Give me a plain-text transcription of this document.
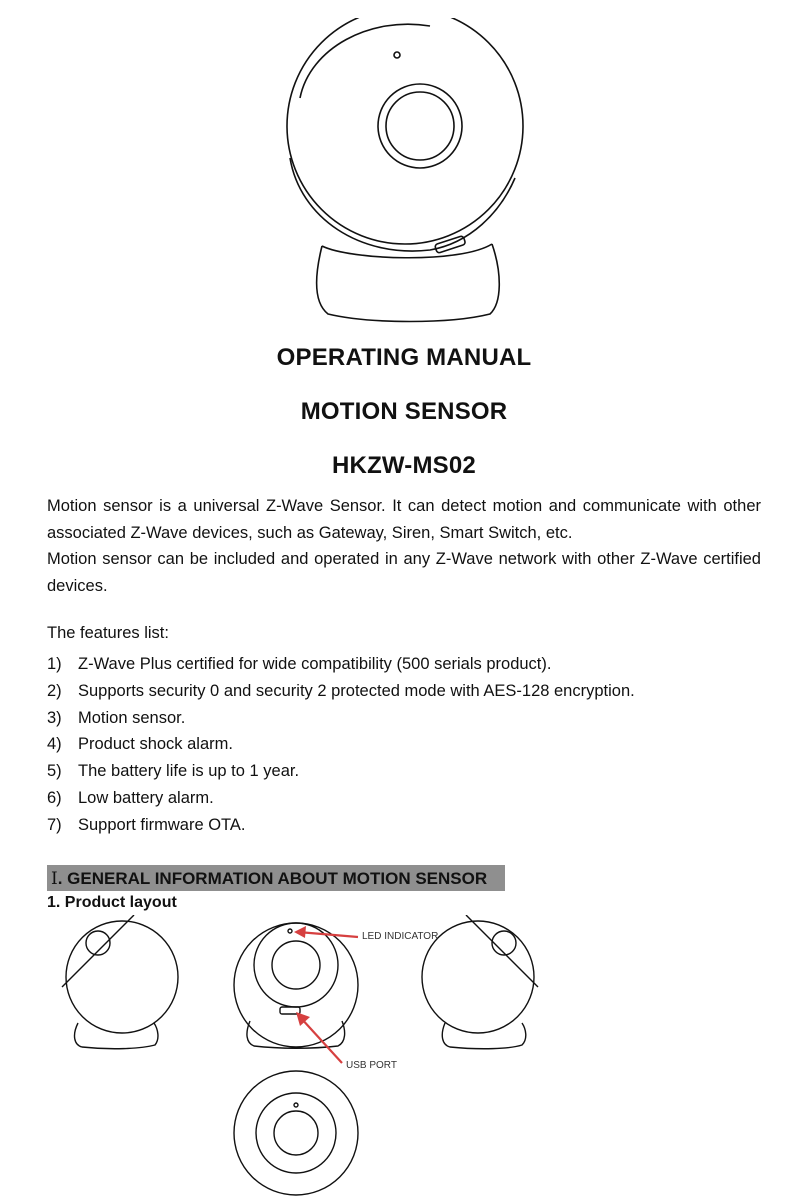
OPERATING MANUAL
MOTION SENSOR
HKZW-MS02
Motion sensor is a universal Z-Wave Sensor. It can detect motion and communicate with other associated Z-Wave devices, such as Gateway, Siren, Smart Switch, etc.
Motion sensor can be included and operated in any Z-Wave network with other Z-Wave certified devices.
The features list:
1) Z-Wave Plus certified for wide compatibility (500 serials product).
2) Supports security 0 and security 2 protected mode with AES-128 encryption.
3) Motion sensor.
4) Product shock alarm.
5) The battery life is up to 1 year.
6) Low battery alarm.
7) Support firmware OTA.
Ⅰ. GENERAL INFORMATION ABOUT MOTION SENSOR
1. Product layout
LED INDICATOR
USB PORT
